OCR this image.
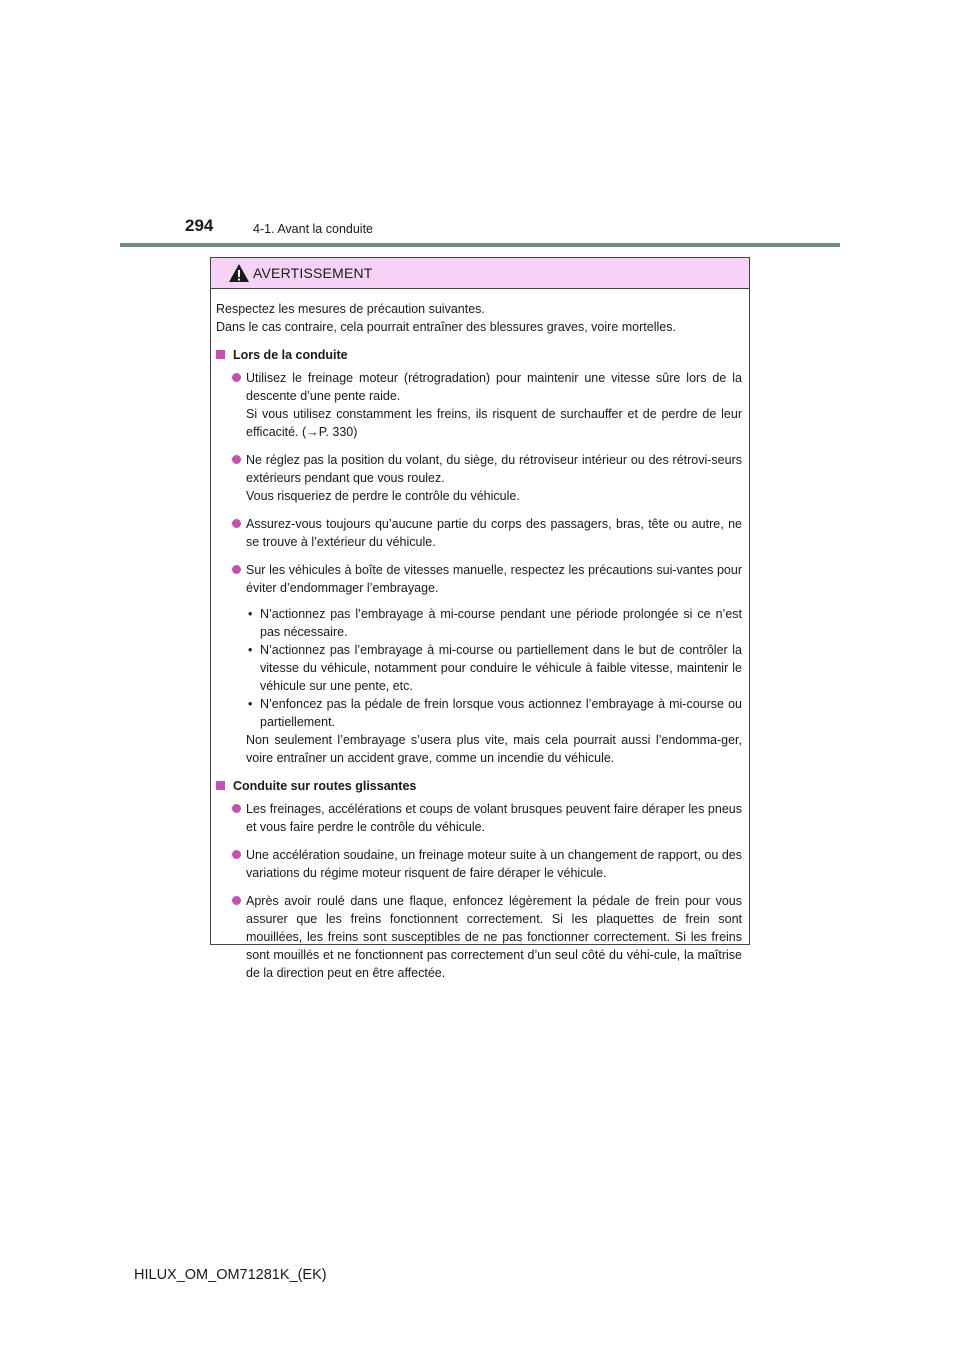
294	4-1. Avant la conduite
AVERTISSEMENT

Respectez les mesures de précaution suivantes.
Dans le cas contraire, cela pourrait entraîner des blessures graves, voire mortelles.

Lors de la conduite
Utilisez le freinage moteur (rétrogradation) pour maintenir une vitesse sûre lors de la descente d’une pente raide.
Si vous utilisez constamment les freins, ils risquent de surchauffer et de perdre de leur efficacité. (→P. 330)
Ne réglez pas la position du volant, du siège, du rétroviseur intérieur ou des rétrovi-seurs extérieurs pendant que vous roulez.
Vous risqueriez de perdre le contrôle du véhicule.
Assurez-vous toujours qu’aucune partie du corps des passagers, bras, tête ou autre, ne se trouve à l’extérieur du véhicule.
Sur les véhicules à boîte de vitesses manuelle, respectez les précautions sui-vantes pour éviter d’endommager l’embrayage.

• N’actionnez pas l’embrayage à mi-course pendant une période prolongée si ce n’est pas nécessaire.

• N’actionnez pas l’embrayage à mi-course ou partiellement dans le but de contrôler la vitesse du véhicule, notamment pour conduire le véhicule à faible vitesse, maintenir le véhicule sur une pente, etc.

• N’enfoncez pas la pédale de frein lorsque vous actionnez l’embrayage à mi-course ou partiellement.

Non seulement l’embrayage s’usera plus vite, mais cela pourrait aussi l’endomma-ger, voire entraîner un accident grave, comme un incendie du véhicule.

Conduite sur routes glissantes
Les freinages, accélérations et coups de volant brusques peuvent faire déraper les pneus et vous faire perdre le contrôle du véhicule.
Une accélération soudaine, un freinage moteur suite à un changement de rapport, ou des variations du régime moteur risquent de faire déraper le véhicule.
Après avoir roulé dans une flaque, enfoncez légèrement la pédale de frein pour vous assurer que les freins fonctionnent correctement. Si les plaquettes de frein sont mouillées, les freins sont susceptibles de ne pas fonctionner correctement. Si les freins sont mouillés et ne fonctionnent pas correctement d’un seul côté du véhi-cule, la maîtrise de la direction peut en être affectée.
HILUX_OM_OM71281K_(EK)
